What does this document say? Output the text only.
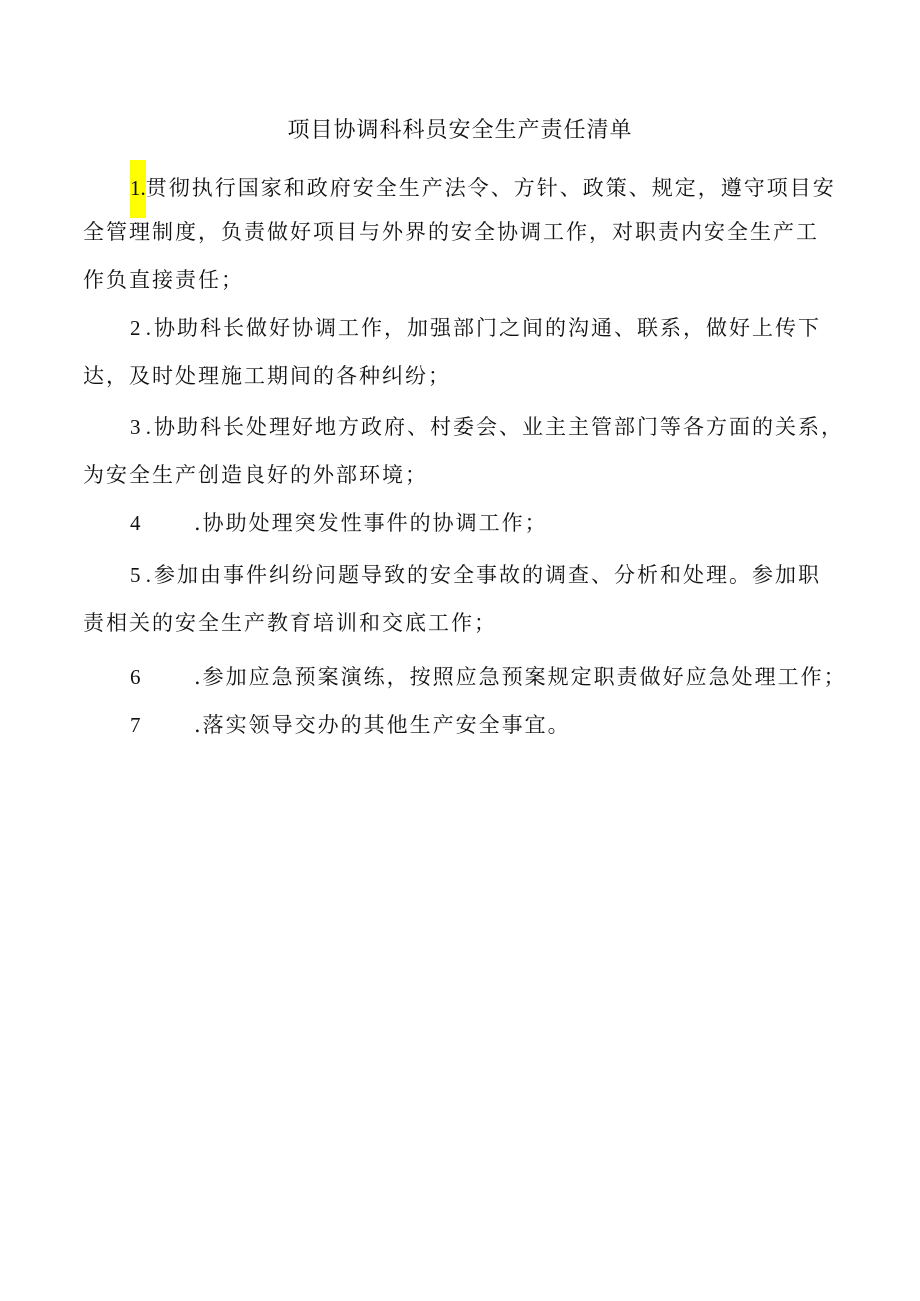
项目协调科科员安全生产责任清单
1.贯彻执行国家和政府安全生产法令、方针、政策、规定，遵守项目安
全管理制度，负责做好项目与外界的安全协调工作，对职责内安全生产工
作负直接责任；
2 . 协助科长做好协调工作，加强部门之间的沟通、联系，做好上传下
达，及时处理施工期间的各种纠纷；
3 . 协助科长处理好地方政府、村委会、业主主管部门等各方面的关系，
为安全生产创造良好的外部环境；
4	.协助处理突发性事件的协调工作；
5 . 参加由事件纠纷问题导致的安全事故的调查、分析和处理。参加职
责相关的安全生产教育培训和交底工作；
6	.参加应急预案演练，按照应急预案规定职责做好应急处理工作；
7	.落实领导交办的其他生产安全事宜。
